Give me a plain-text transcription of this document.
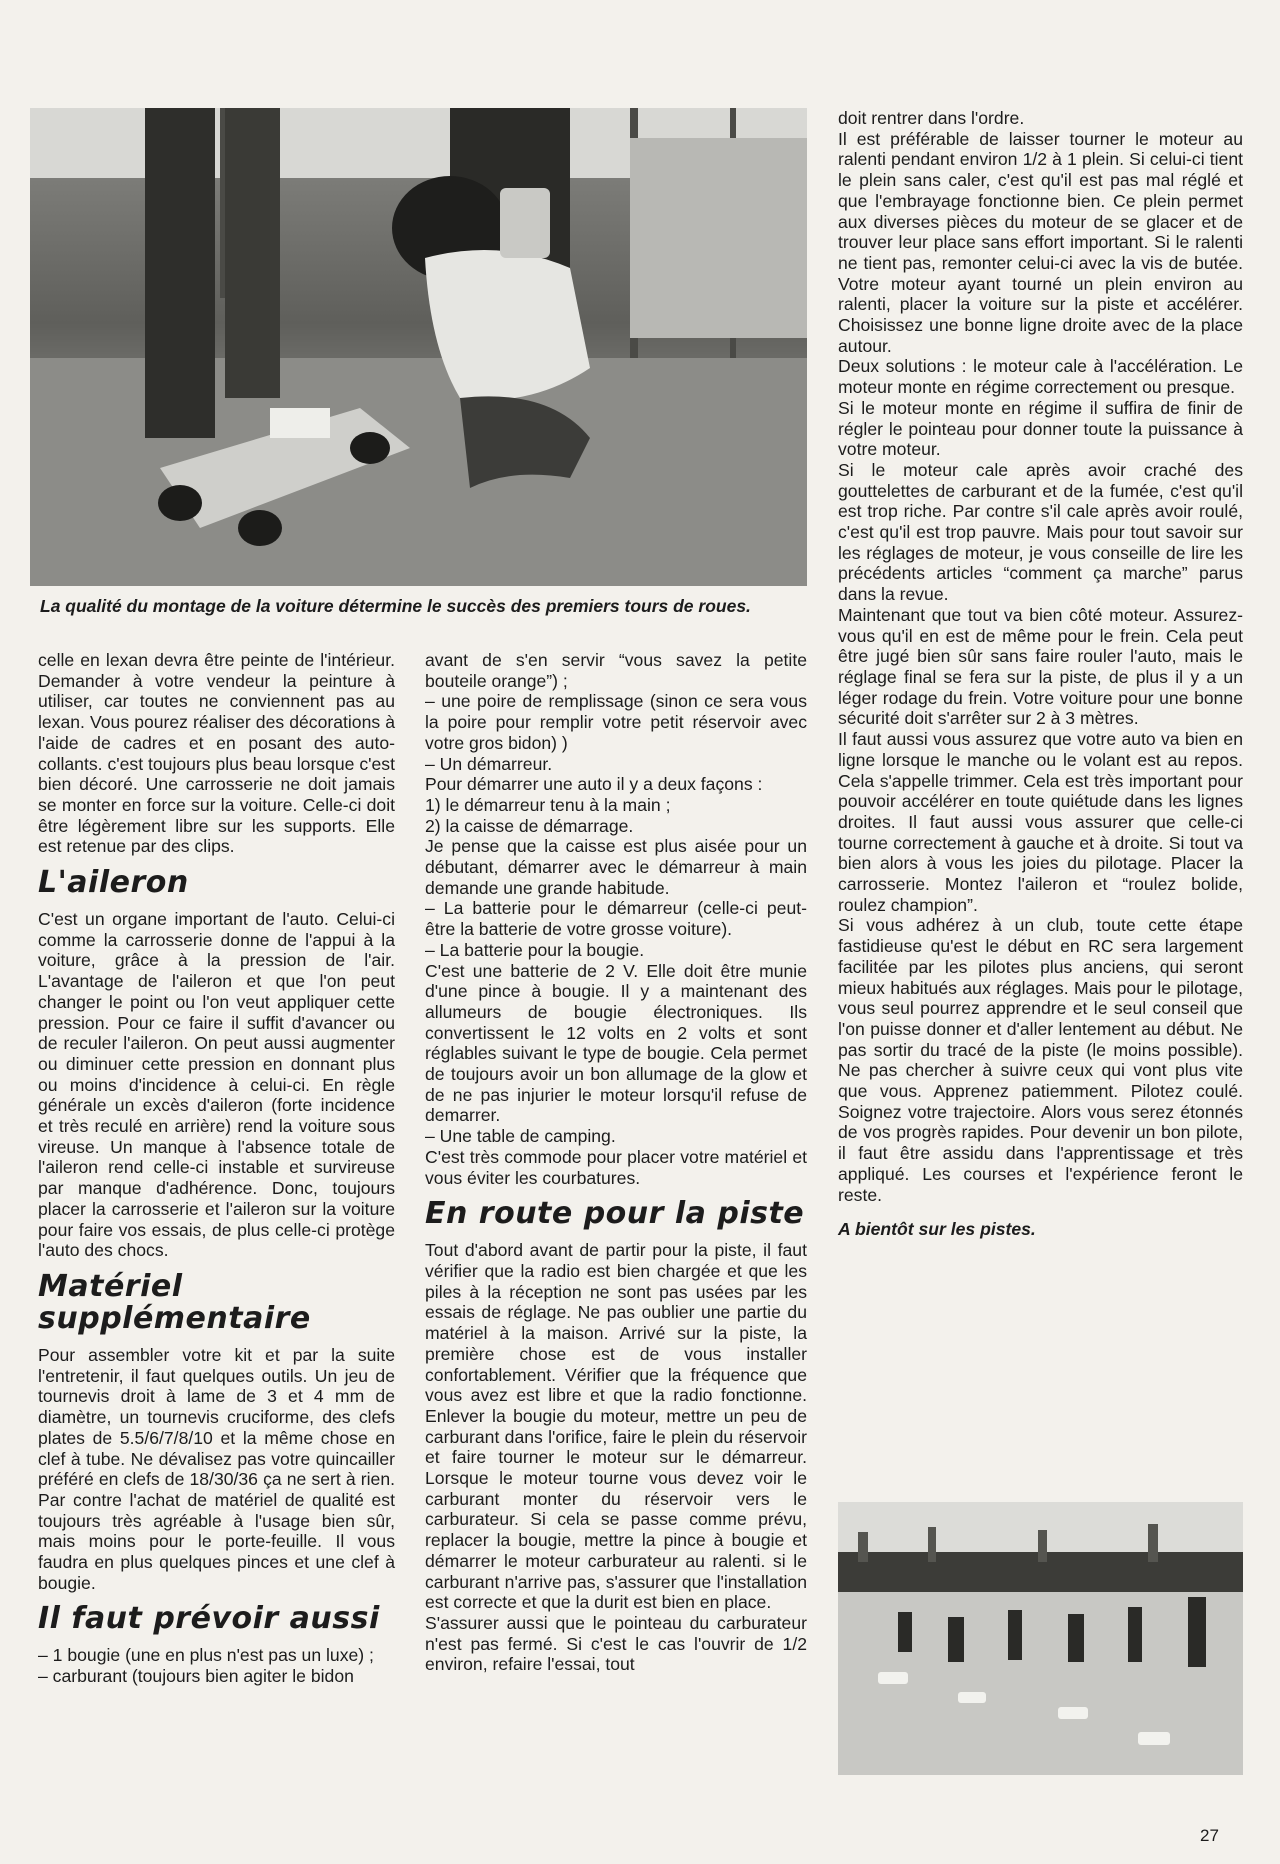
La qualité du montage de la voiture détermine le succès des premiers tours de roues.

celle en lexan devra être peinte de l'intérieur. Demander à votre vendeur la peinture à utiliser, car toutes ne conviennent pas au lexan. Vous pourez réaliser des décorations à l'aide de cadres et en posant des auto-collants. c'est toujours plus beau lorsque c'est bien décoré. Une carrosserie ne doit jamais se monter en force sur la voiture. Celle-ci doit être légèrement libre sur les supports. Elle est retenue par des clips.

L'aileron

C'est un organe important de l'auto. Celui-ci comme la carrosserie donne de l'appui à la voiture, grâce à la pression de l'air. L'avantage de l'aileron et que l'on peut changer le point ou l'on veut appliquer cette pression. Pour ce faire il suffit d'avancer ou de reculer l'aileron. On peut aussi augmenter ou diminuer cette pression en donnant plus ou moins d'incidence à celui-ci. En règle générale un excès d'aileron (forte incidence et très reculé en arrière) rend la voiture sous vireuse. Un manque à l'absence totale de l'aileron rend celle-ci instable et survireuse par manque d'adhérence. Donc, toujours placer la carrosserie et l'aileron sur la voiture pour faire vos essais, de plus celle-ci protège l'auto des chocs.

Matériel supplémentaire

Pour assembler votre kit et par la suite l'entretenir, il faut quelques outils. Un jeu de tournevis droit à lame de 3 et 4 mm de diamètre, un tournevis cruciforme, des clefs plates de 5.5/6/7/8/10 et la même chose en clef à tube. Ne dévalisez pas votre quincailler préféré en clefs de 18/30/36 ça ne sert à rien. Par contre l'achat de matériel de qualité est toujours très agréable à l'usage bien sûr, mais moins pour le porte-feuille. Il vous faudra en plus quelques pinces et une clef à bougie.

Il faut prévoir aussi

– 1 bougie (une en plus n'est pas un luxe) ;

– carburant (toujours bien agiter le bidon

avant de s'en servir “vous savez la petite bouteile orange”) ;

– une poire de remplissage (sinon ce sera vous la poire pour remplir votre petit réservoir avec votre gros bidon) )

– Un démarreur.

Pour démarrer une auto il y a deux façons :

1) le démarreur tenu à la main ;

2) la caisse de démarrage.

Je pense que la caisse est plus aisée pour un débutant, démarrer avec le démarreur à main demande une grande habitude.

– La batterie pour le démarreur (celle-ci peut-être la batterie de votre grosse voiture).

– La batterie pour la bougie.

C'est une batterie de 2 V. Elle doit être munie d'une pince à bougie. Il y a maintenant des allumeurs de bougie électroniques. Ils convertissent le 12 volts en 2 volts et sont réglables suivant le type de bougie. Cela permet de toujours avoir un bon allumage de la glow et de ne pas injurier le moteur lorsqu'il refuse de demarrer.

– Une table de camping.

C'est très commode pour placer votre matériel et vous éviter les courbatures.

En route pour la piste

Tout d'abord avant de partir pour la piste, il faut vérifier que la radio est bien chargée et que les piles à la réception ne sont pas usées par les essais de réglage. Ne pas oublier une partie du matériel à la maison. Arrivé sur la piste, la première chose est de vous installer confortablement. Vérifier que la fréquence que vous avez est libre et que la radio fonctionne. Enlever la bougie du moteur, mettre un peu de carburant dans l'orifice, faire le plein du réservoir et faire tourner le moteur sur le démarreur. Lorsque le moteur tourne vous devez voir le carburant monter du réservoir vers le carburateur. Si cela se passe comme prévu, replacer la bougie, mettre la pince à bougie et démarrer le moteur carburateur au ralenti. si le carburant n'arrive pas, s'assurer que l'installation est correcte et que la durit est bien en place.

S'assurer aussi que le pointeau du carburateur n'est pas fermé. Si c'est le cas l'ouvrir de 1/2 environ, refaire l'essai, tout

doit rentrer dans l'ordre.

Il est préférable de laisser tourner le moteur au ralenti pendant environ 1/2 à 1 plein. Si celui-ci tient le plein sans caler, c'est qu'il est pas mal réglé et que l'embrayage fonctionne bien. Ce plein permet aux diverses pièces du moteur de se glacer et de trouver leur place sans effort important. Si le ralenti ne tient pas, remonter celui-ci avec la vis de butée. Votre moteur ayant tourné un plein environ au ralenti, placer la voiture sur la piste et accélérer. Choisissez une bonne ligne droite avec de la place autour.

Deux solutions : le moteur cale à l'accélération. Le moteur monte en régime correctement ou presque.

Si le moteur monte en régime il suffira de finir de régler le pointeau pour donner toute la puissance à votre moteur.

Si le moteur cale après avoir craché des gouttelettes de carburant et de la fumée, c'est qu'il est trop riche. Par contre s'il cale après avoir roulé, c'est qu'il est trop pauvre. Mais pour tout savoir sur les réglages de moteur, je vous conseille de lire les précédents articles “comment ça marche” parus dans la revue.

Maintenant que tout va bien côté moteur. Assurez-vous qu'il en est de même pour le frein. Cela peut être jugé bien sûr sans faire rouler l'auto, mais le réglage final se fera sur la piste, de plus il y a un léger rodage du frein. Votre voiture pour une bonne sécurité doit s'arrêter sur 2 à 3 mètres.

Il faut aussi vous assurez que votre auto va bien en ligne lorsque le manche ou le volant est au repos. Cela s'appelle trimmer. Cela est très important pour pouvoir accélérer en toute quiétude dans les lignes droites. Il faut aussi vous assurer que celle-ci tourne correctement à gauche et à droite. Si tout va bien alors à vous les joies du pilotage. Placer la carrosserie. Montez l'aileron et “roulez bolide, roulez champion”.

Si vous adhérez à un club, toute cette étape fastidieuse qu'est le début en RC sera largement facilitée par les pilotes plus anciens, qui seront mieux habitués aux réglages. Mais pour le pilotage, vous seul pourrez apprendre et le seul conseil que l'on puisse donner et d'aller lentement au début. Ne pas sortir du tracé de la piste (le moins possible). Ne pas chercher à suivre ceux qui vont plus vite que vous. Apprenez patiemment. Pilotez coulé. Soignez votre trajectoire. Alors vous serez étonnés de vos progrès rapides. Pour devenir un bon pilote, il faut être assidu dans l'apprentissage et très appliqué. Les courses et l'expérience feront le reste.

A bientôt sur les pistes.
27
